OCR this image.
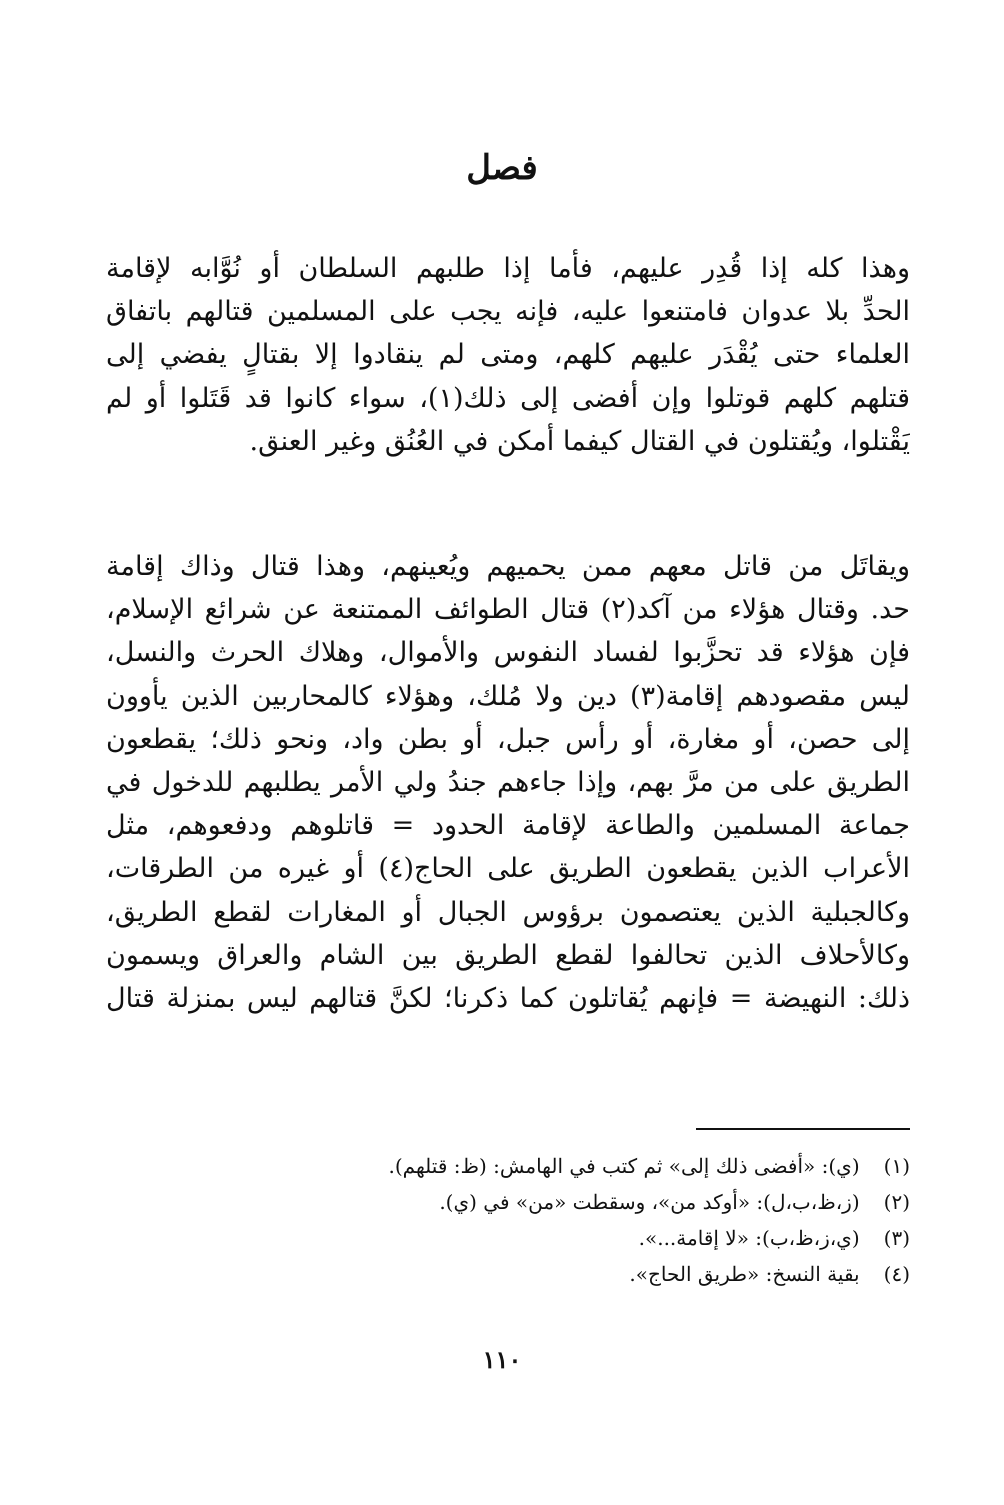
فصل
وهذا كله إذا قُدِر عليهم، فأما إذا طلبهم السلطان أو نُوَّابه لإقامة
الحدِّ بلا عدوان فامتنعوا عليه، فإنه يجب على المسلمين قتالهم باتفاق
العلماء حتى يُقْدَر عليهم كلهم، ومتى لم ينقادوا إلا بقتالٍ يفضي إلى
قتلهم كلهم قوتلوا وإن أفضى إلى ذلك(١)، سواء كانوا قد قَتَلوا أو لم
يَقْتلوا، ويُقتلون في القتال كيفما أمكن في العُنُق وغير العنق.
ويقاتَل من قاتل معهم ممن يحميهم ويُعينهم، وهذا قتال وذاك إقامة
حد. وقتال هؤلاء من آكد(٢) قتال الطوائف الممتنعة عن شرائع الإسلام،
فإن هؤلاء قد تحزَّبوا لفساد النفوس والأموال، وهلاك الحرث والنسل،
ليس مقصودهم إقامة(٣) دين ولا مُلك، وهؤلاء كالمحاربين الذين يأوون
إلى حصن، أو مغارة، أو رأس جبل، أو بطن واد، ونحو ذلك؛ يقطعون
الطريق على من مرَّ بهم، وإذا جاءهم جندُ ولي الأمر يطلبهم للدخول في
جماعة المسلمين والطاعة لإقامة الحدود = قاتلوهم ودفعوهم، مثل
الأعراب الذين يقطعون الطريق على الحاج(٤) أو غيره من الطرقات،
وكالجبلية الذين يعتصمون برؤوس الجبال أو المغارات لقطع الطريق،
وكالأحلاف الذين تحالفوا لقطع الطريق بين الشام والعراق ويسمون
ذلك: النهيضة = فإنهم يُقاتلون كما ذكرنا؛ لكنَّ قتالهم ليس بمنزلة قتال
(١) (ي): «أفضى ذلك إلى» ثم كتب في الهامش: (ظ: قتلهم).
(٢) (ز،ظ،ب،ل): «أوكد من»، وسقطت «من» في (ي).
(٣) (ي،ز،ظ،ب): «لا إقامة...».
(٤) بقية النسخ: «طريق الحاج».
١١٠
